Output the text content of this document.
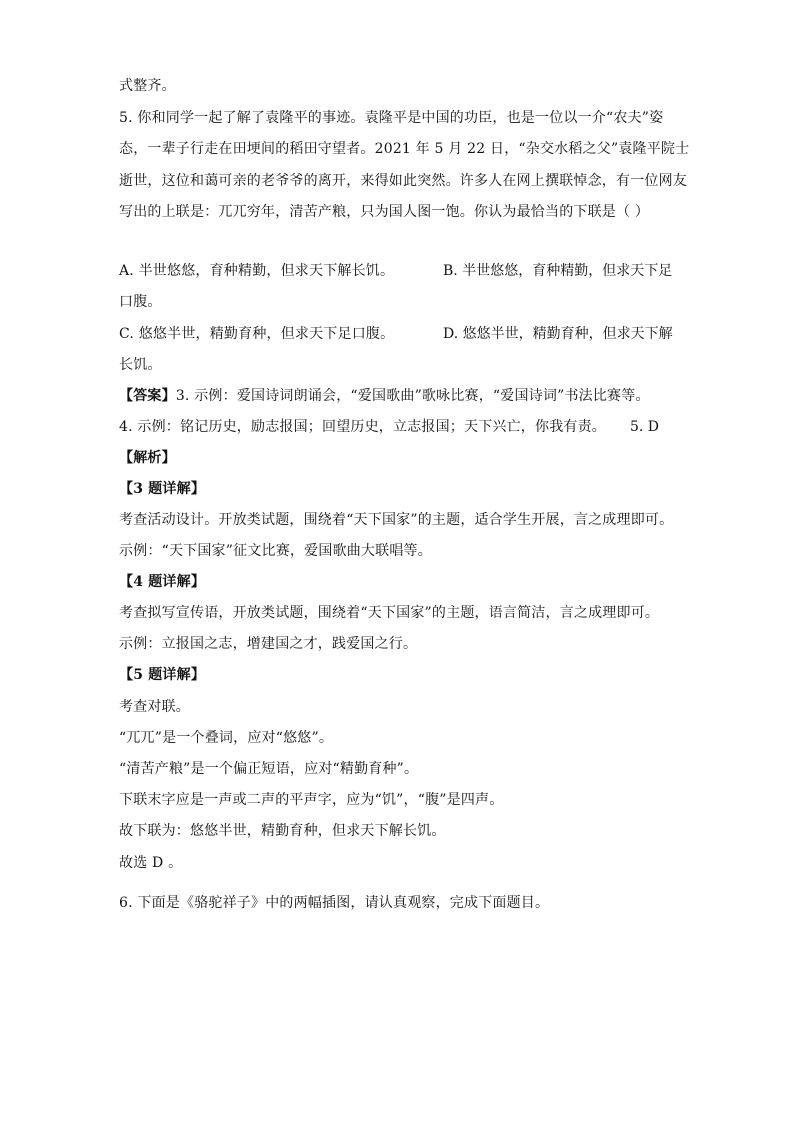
式整齐。
5. 你和同学一起了解了袁隆平的事迹。袁隆平是中国的功臣，也是一位以一介“农夫”姿
态，一辈子行走在田埂间的稻田守望者。2021 年 5 月 22 日，“杂交水稻之父”袁隆平院士
逝世，这位和蔼可亲的老爷爷的离开，来得如此突然。许多人在网上撰联悼念，有一位网友
写出的上联是：兀兀穷年，清苦产粮，只为国人图一饱。你认为最恰当的下联是（ ）
A. 半世悠悠，育种精勤，但求天下解长饥。	B. 半世悠悠，育种精勤，但求天下足
口腹。
C. 悠悠半世，精勤育种，但求天下足口腹。	D. 悠悠半世，精勤育种，但求天下解
长饥。
【答案】3. 示例：爱国诗词朗诵会，“爱国歌曲”歌咏比赛，“爱国诗词”书法比赛等。
4. 示例：铭记历史，励志报国；回望历史，立志报国；天下兴亡，你我有责。 5. D
【解析】
【3 题详解】
考查活动设计。开放类试题，围绕着“天下国家”的主题，适合学生开展，言之成理即可。
示例：“天下国家”征文比赛，爱国歌曲大联唱等。
【4 题详解】
考查拟写宣传语，开放类试题，围绕着“天下国家”的主题，语言简洁，言之成理即可。
示例：立报国之志，增建国之才，践爱国之行。
【5 题详解】
考查对联。
“兀兀”是一个叠词，应对“悠悠”。
“清苦产粮”是一个偏正短语，应对“精勤育种”。
下联末字应是一声或二声的平声字，应为“饥”，“腹”是四声。
故下联为：悠悠半世，精勤育种，但求天下解长饥。
故选 D 。
6. 下面是《骆驼祥子》中的两幅插图，请认真观察，完成下面题目。
